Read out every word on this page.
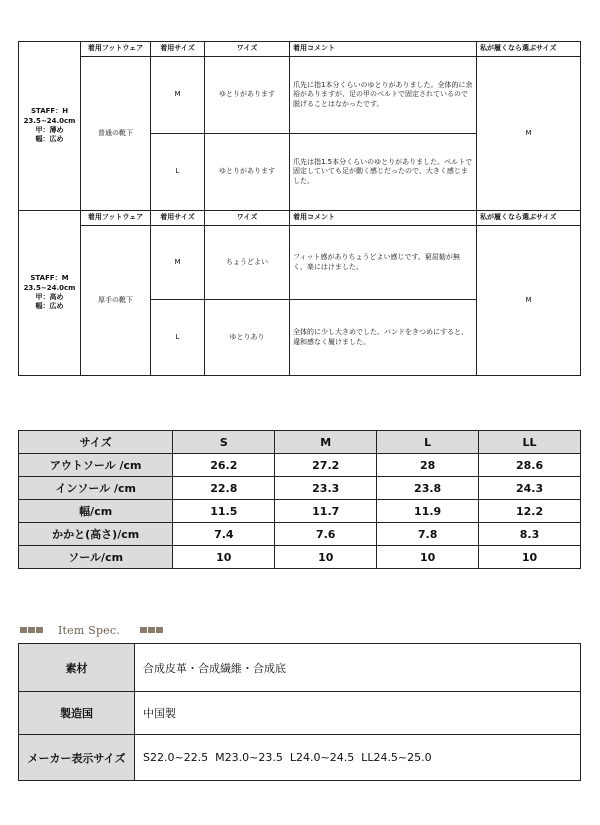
STAFF：H
23.5~24.0cm
甲：薄め
幅：広め	着用フットウェア	着用サイズ	ワイズ	着用コメント	私が履くなら選ぶサイズ
	普通の靴下	M	ゆとりがあります	爪先に指1本分くらいのゆとりがありました。全体的に余裕がありますが、足の甲のベルトで固定されているので脱げることはなかったです。	M
		L	ゆとりがあります	爪先は指1.5本分くらいのゆとりがありました。ベルトで固定していても足が動く感じだったので、大きく感じました。	

STAFF：M
23.5~24.0cm
甲：高め
幅：広め	着用フットウェア	着用サイズ	ワイズ	着用コメント	私が履くなら選ぶサイズ
	厚手の靴下	M	ちょうどよい	フィット感がありちょうどよい感じです。窮屈勧が無く、楽にはけました。	M
		L	ゆとりあり	全体的に少し大きめでした。バンドをきつめにすると、違和感なく履けました。	
サイズ	S	M	L	LL
アウトソール /cm	26.2	27.2	28	28.6
インソール /cm	22.8	23.3	23.8	24.3
幅/cm	11.5	11.7	11.9	12.2
かかと(高さ)/cm	7.4	7.6	7.8	8.3
ソール/cm	10	10	10	10
Item Spec.
素材	合成皮革・合成繊維・合成底
製造国	中国製
メーカー表示サイズ	S22.0~22.5  M23.0~23.5  L24.0~24.5  LL24.5~25.0
